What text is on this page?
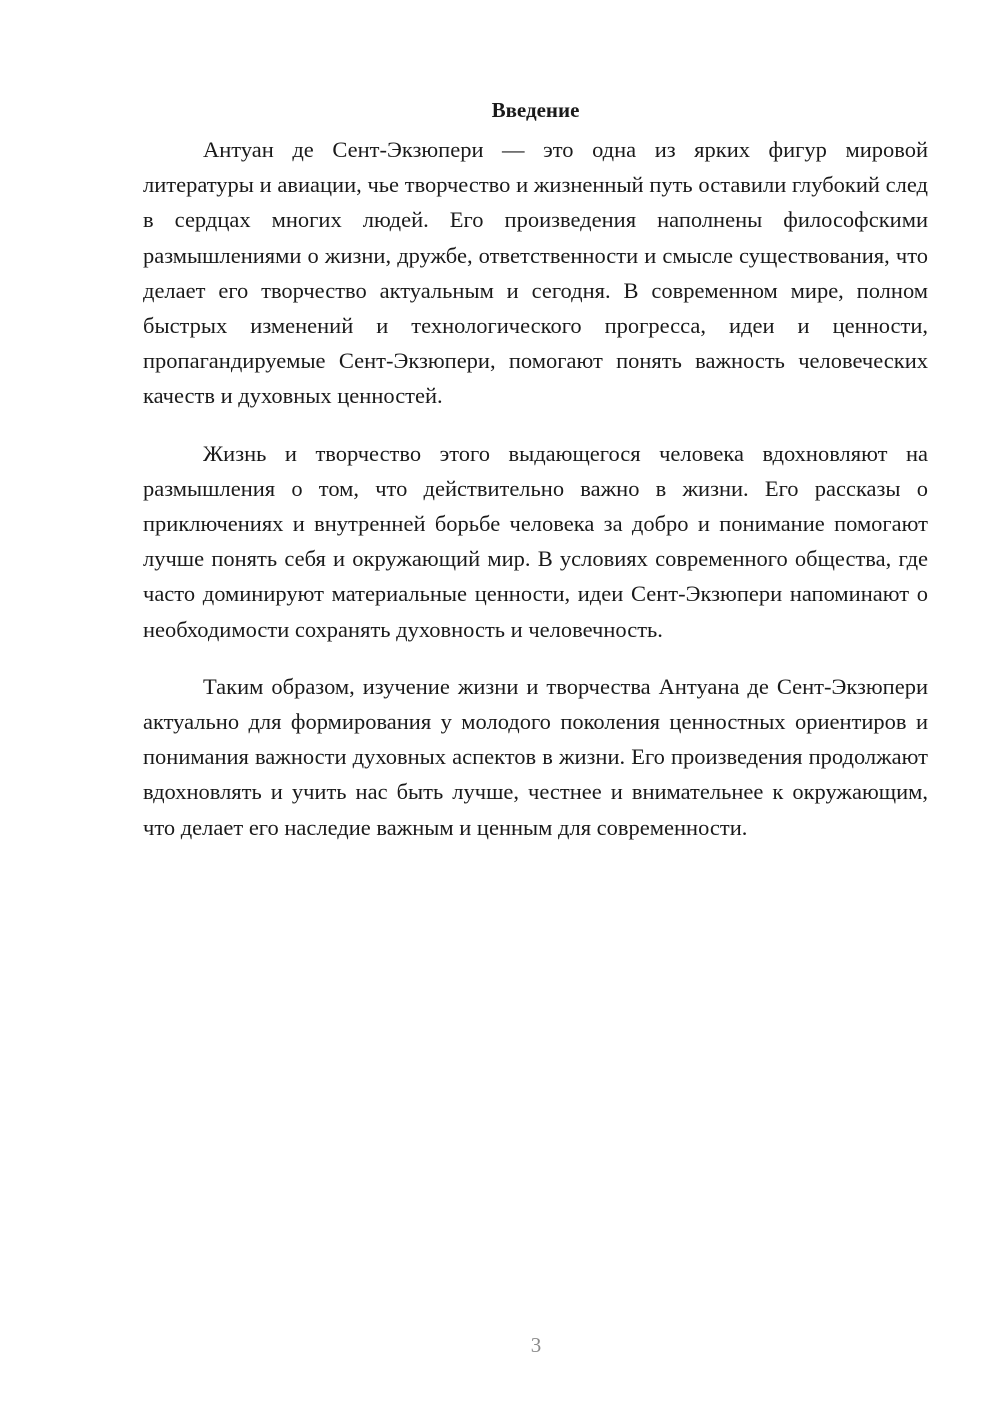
Введение

Антуан де Сент-Экзюпери — это одна из ярких фигур мировой литературы и авиации, чье творчество и жизненный путь оставили глубокий след в сердцах многих людей. Его произведения наполнены философскими размышлениями о жизни, дружбе, ответственности и смысле существования, что делает его творчество актуальным и сегодня. В современном мире, полном быстрых изменений и технологического прогресса, идеи и ценности, пропагандируемые Сент-Экзюпери, помогают понять важность человеческих качеств и духовных ценностей.

Жизнь и творчество этого выдающегося человека вдохновляют на размышления о том, что действительно важно в жизни. Его рассказы о приключениях и внутренней борьбе человека за добро и понимание помогают лучше понять себя и окружающий мир. В условиях современного общества, где часто доминируют материальные ценности, идеи Сент-Экзюпери напоминают о необходимости сохранять духовность и человечность.

Таким образом, изучение жизни и творчества Антуана де Сент-Экзюпери актуально для формирования у молодого поколения ценностных ориентиров и понимания важности духовных аспектов в жизни. Его произведения продолжают вдохновлять и учить нас быть лучше, честнее и внимательнее к окружающим, что делает его наследие важным и ценным для современности.

3
